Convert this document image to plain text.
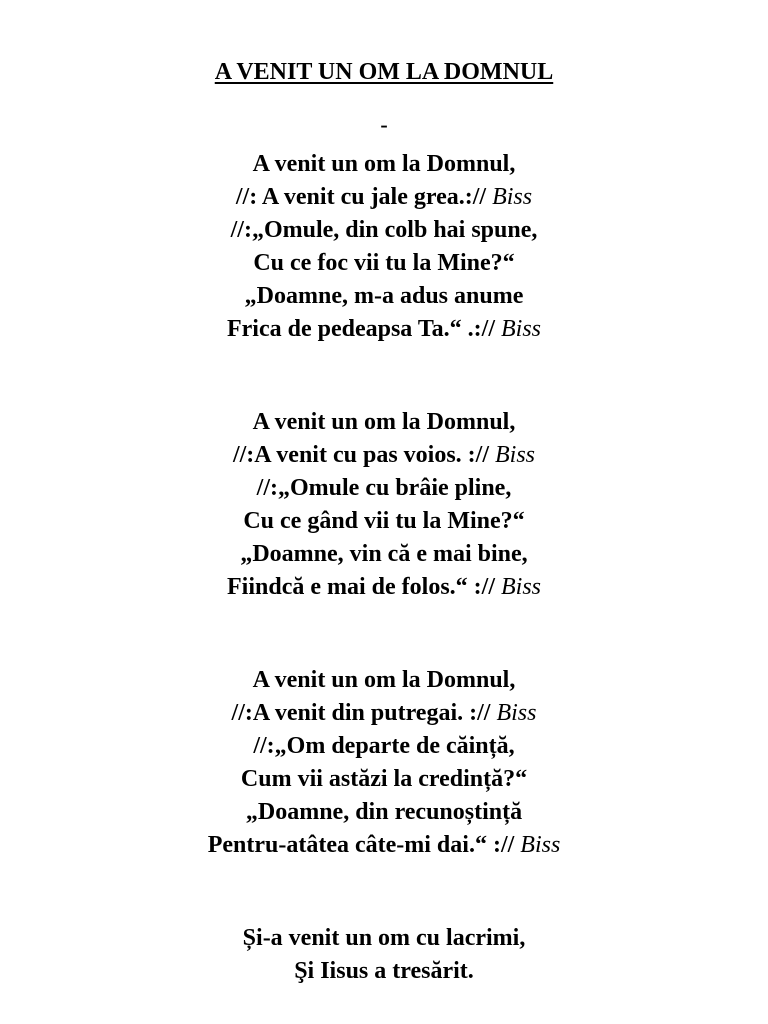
A VENIT UN OM LA DOMNUL
-
A venit un om la Domnul,
//: A venit cu jale grea.:// Biss
//:„Omule, din colb hai spune,
Cu ce foc vii tu la Mine?“
„Doamne, m-a adus anume
Frica de pedeapsa Ta.“ .:// Biss
A venit un om la Domnul,
//:A venit cu pas voios. :// Biss
//:„Omule cu brâie pline,
Cu ce gând vii tu la Mine?“
„Doamne, vin că e mai bine,
Fiindcă e mai de folos.“ :// Biss
A venit un om la Domnul,
//:A venit din putregai. :// Biss
//:„Om departe de căință,
Cum vii astăzi la credință?“
„Doamne, din recunoștință
Pentru-atâtea câte-mi dai.“ :// Biss
Și-a venit un om cu lacrimi,
Şi Iisus a tresărit.
